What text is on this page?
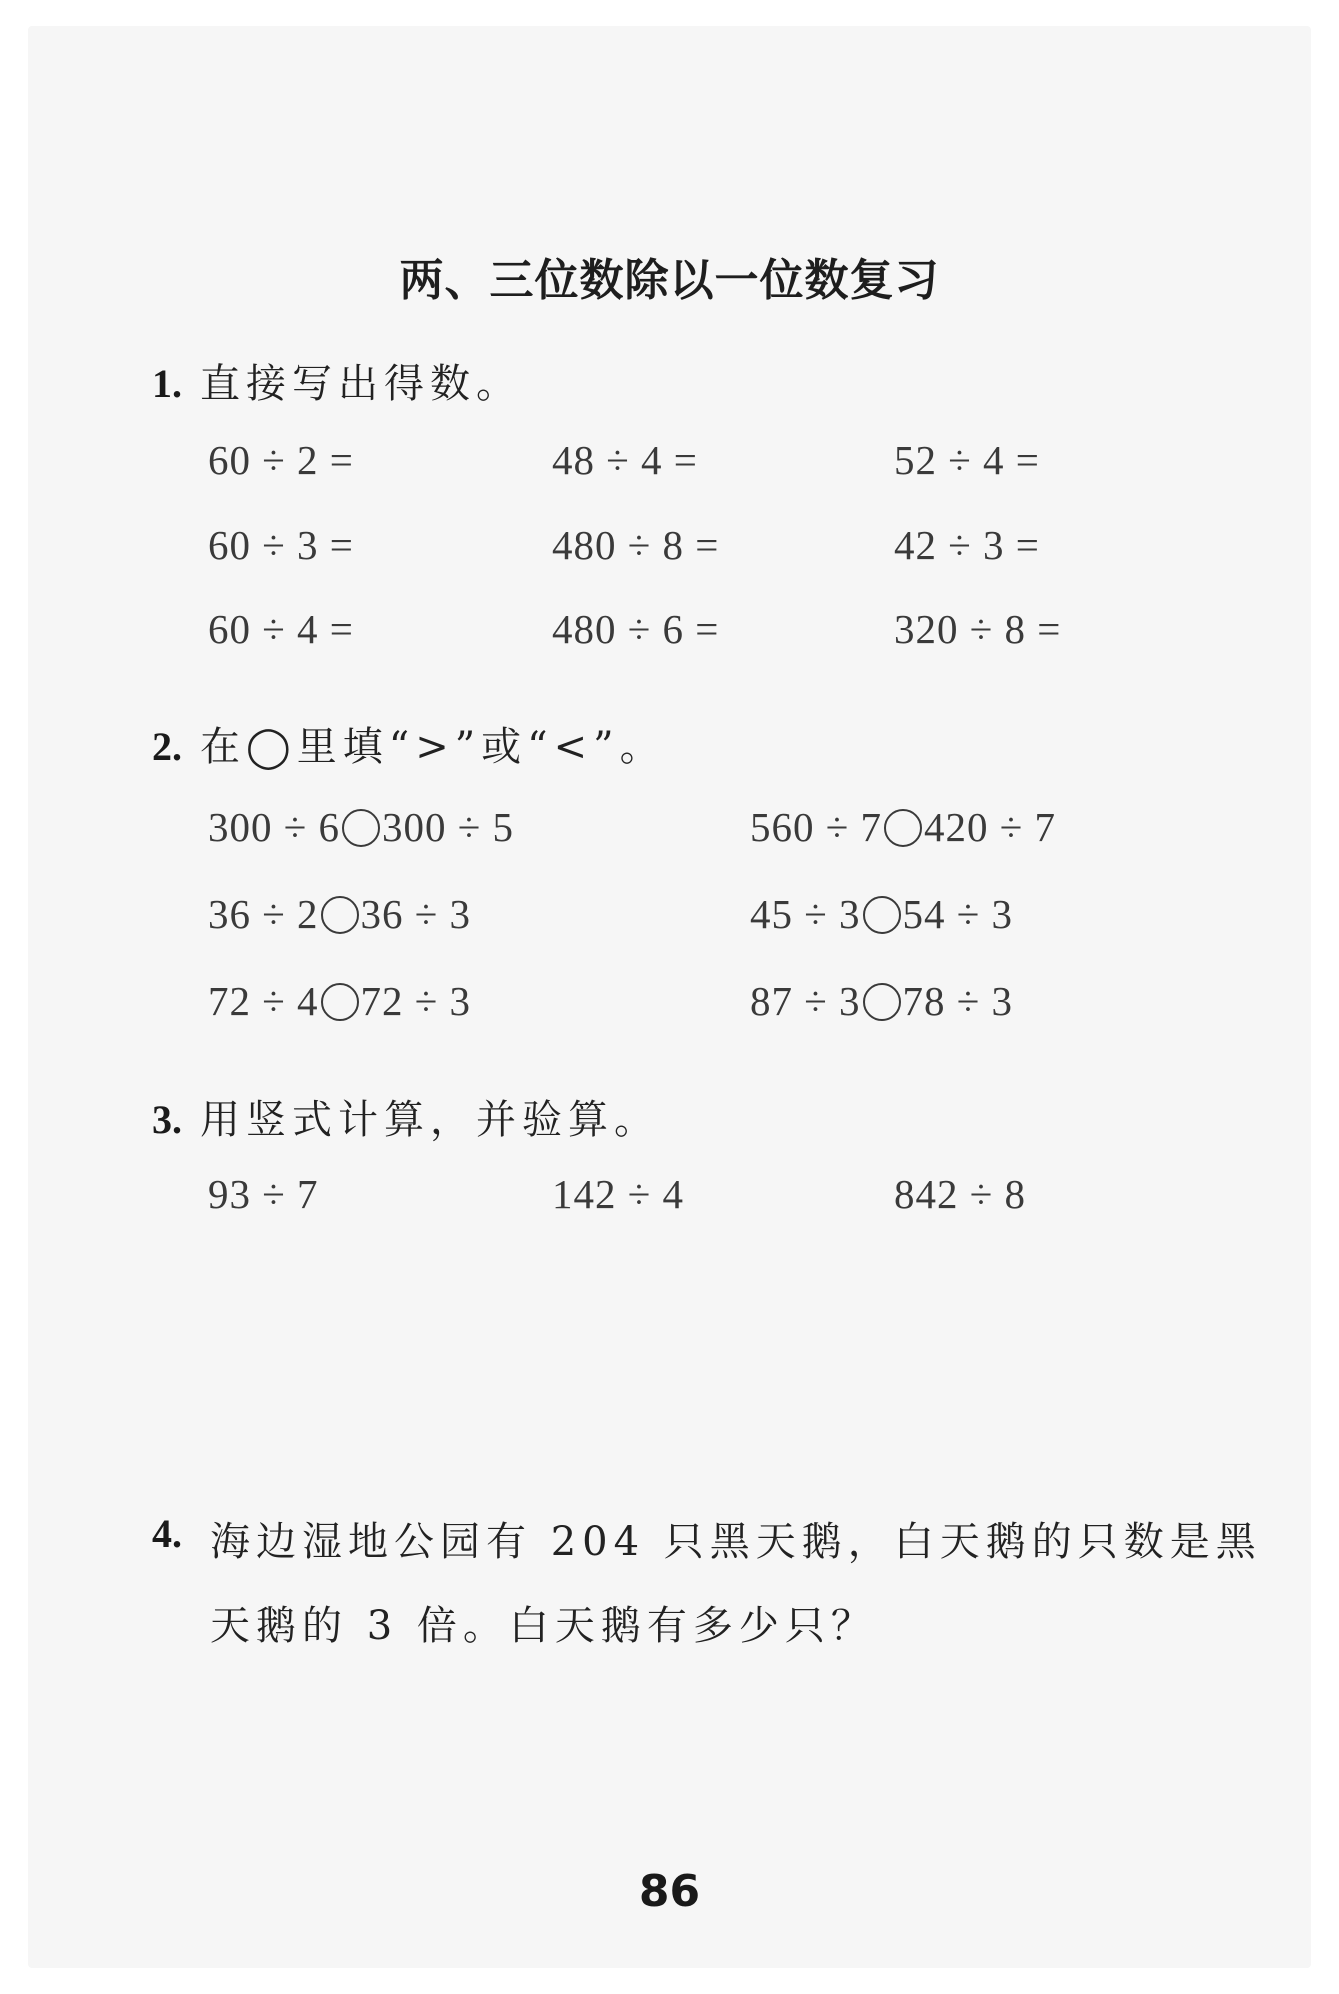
两、三位数除以一位数复习
1. 直接写出得数。
60 ÷ 2 =	48 ÷ 4 =	52 ÷ 4 =
60 ÷ 3 =	480 ÷ 8 =	42 ÷ 3 =
60 ÷ 4 =	480 ÷ 6 =	320 ÷ 8 =
2. 在◯里填“>”或“<”。
300 ÷ 6 300 ÷ 5	560 ÷ 7 420 ÷ 7
36 ÷ 2 36 ÷ 3	45 ÷ 3 54 ÷ 3
72 ÷ 4 72 ÷ 3	87 ÷ 3 78 ÷ 3
3. 用竖式计算，并验算。
93 ÷ 7	142 ÷ 4	842 ÷ 8
4. 海边湿地公园有 204 只黑天鹅，白天鹅的只数是黑
天鹅的 3 倍。白天鹅有多少只？
86
